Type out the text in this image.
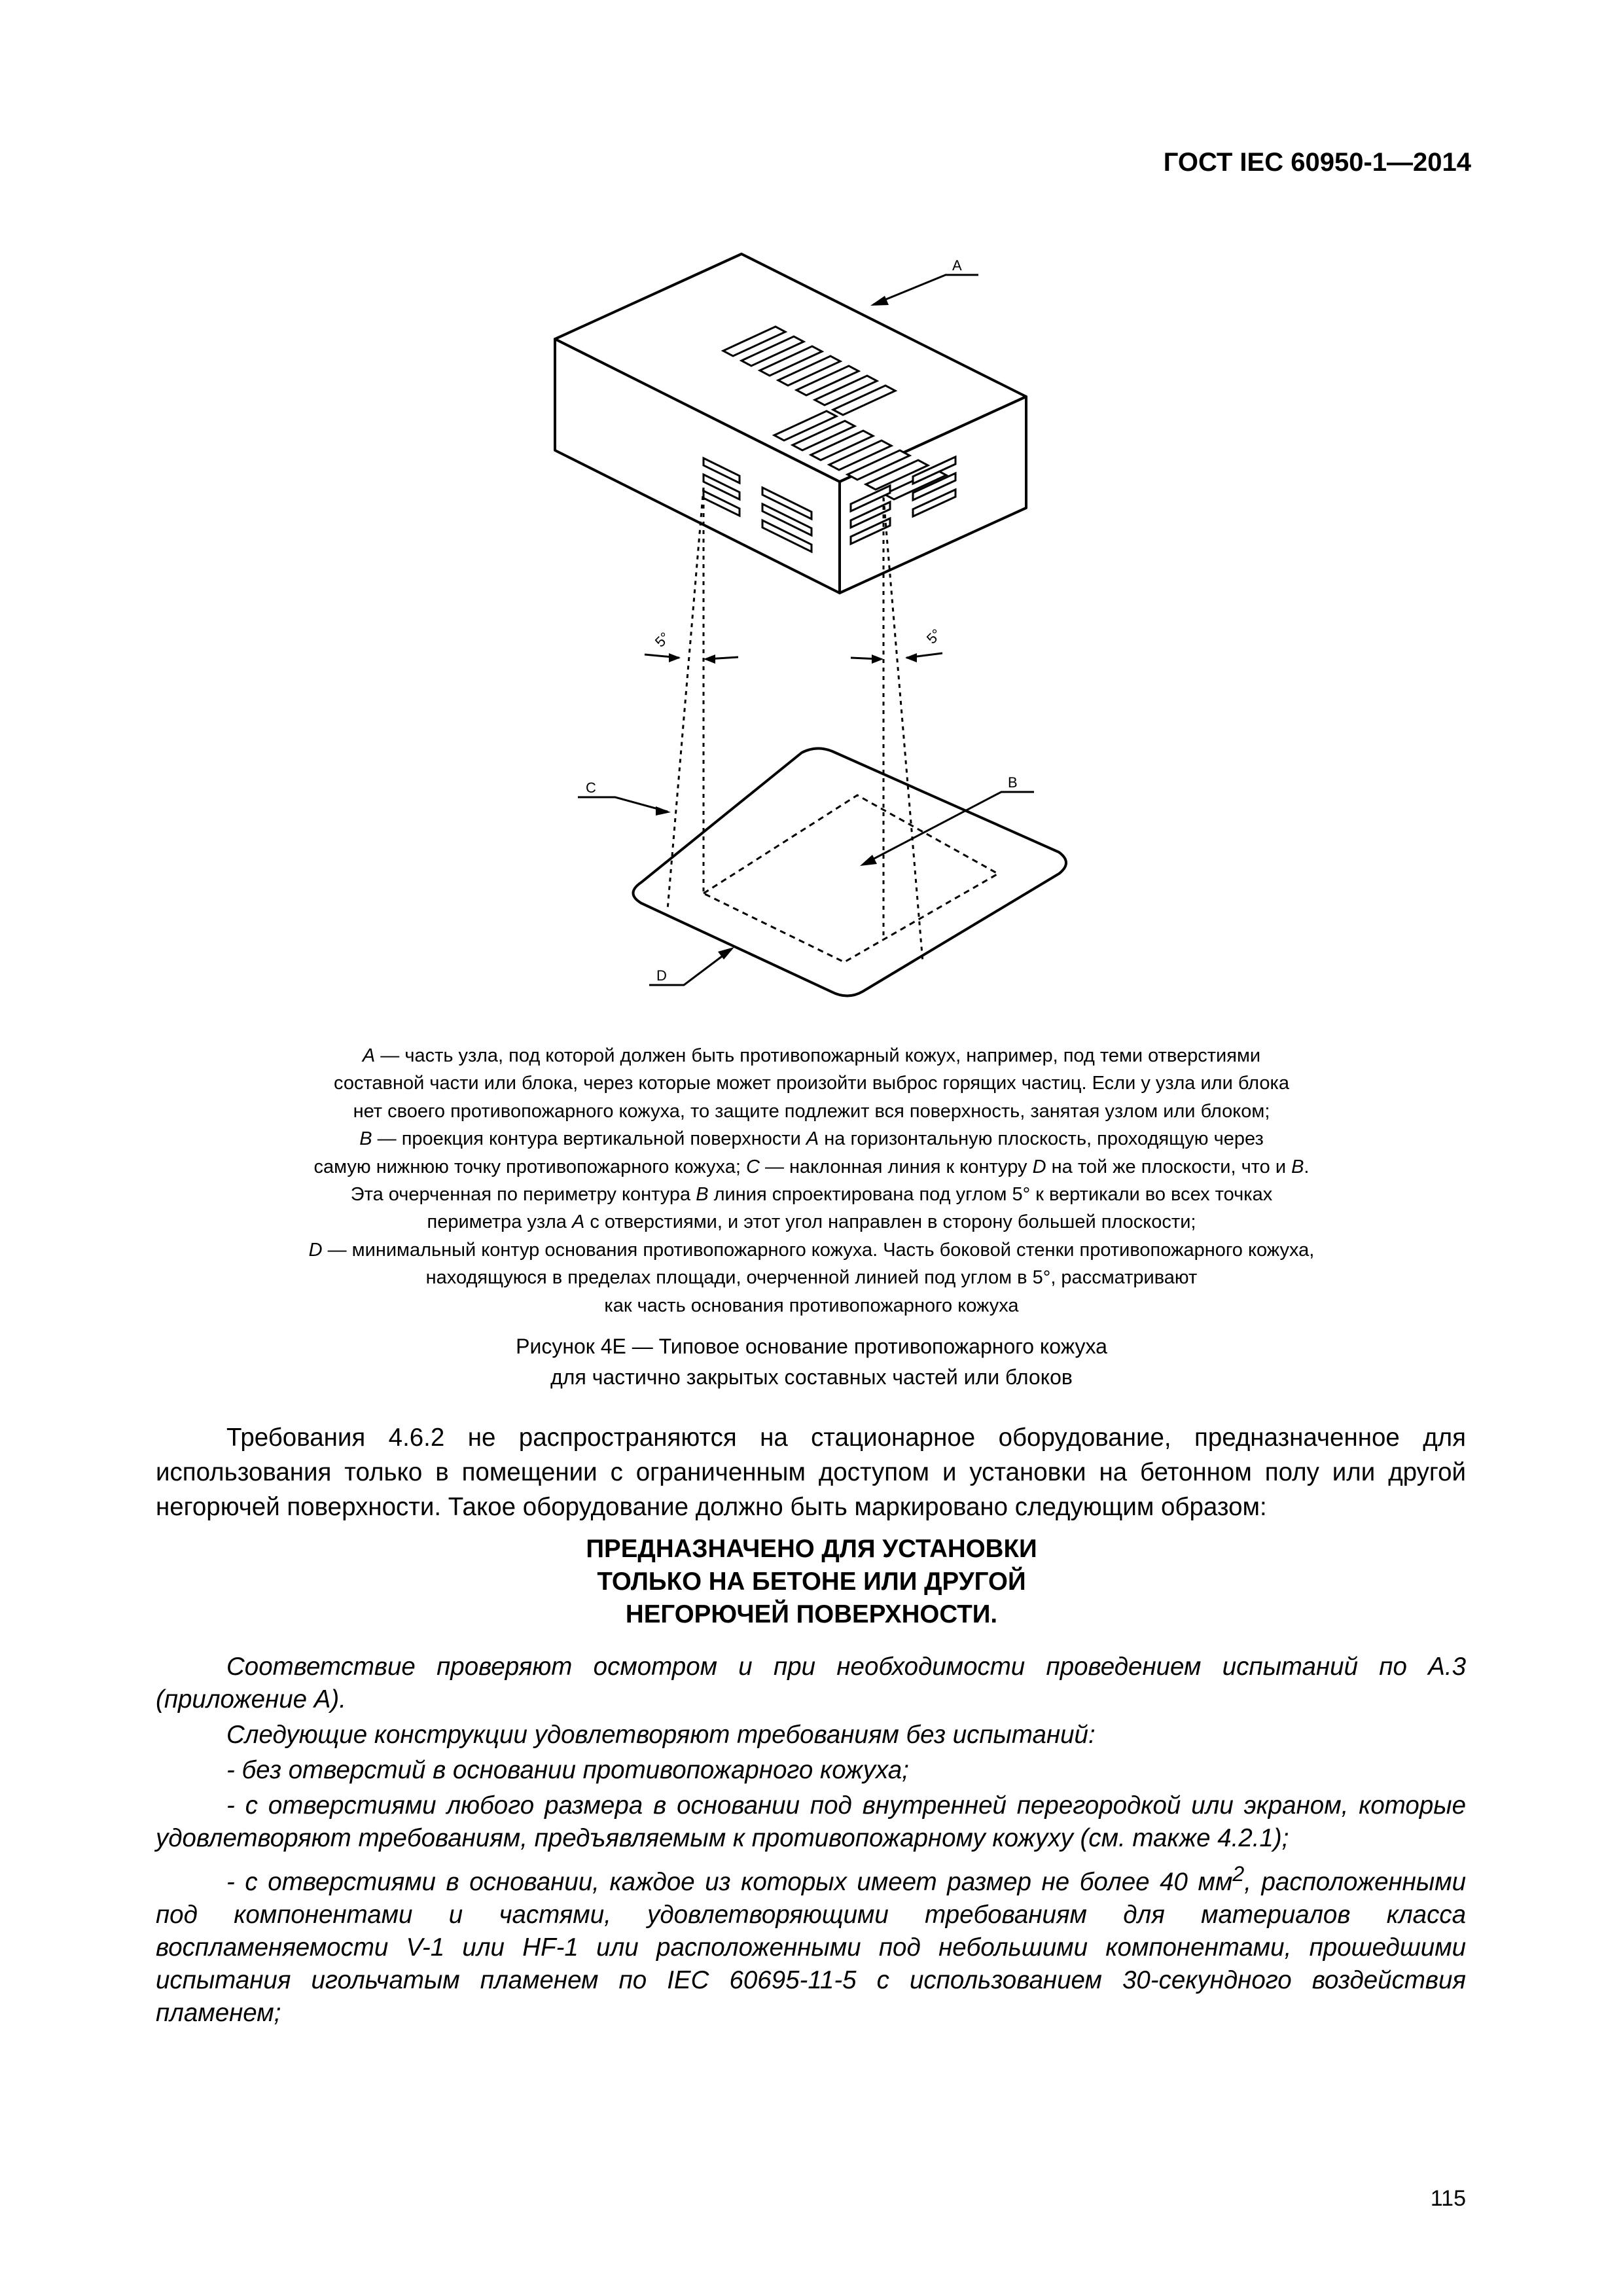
ГОСТ IEC 60950-1—2014
5°	5°
A
B
C
D

A — часть узла, под которой должен быть противопожарный кожух, например, под теми отверстиями

составной части или блока, через которые может произойти выброс горящих частиц. Если у узла или блока

нет своего противопожарного кожуха, то защите подлежит вся поверхность, занятая узлом или блоком;

B — проекция контура вертикальной поверхности A на горизонтальную плоскость, проходящую через

самую нижнюю точку противопожарного кожуха; C — наклонная линия к контуру D на той же плоскости, что и B.

Эта очерченная по периметру контура B линия спроектирована под углом 5° к вертикали во всех точках

периметра узла A с отверстиями, и этот угол направлен в сторону большей плоскости;

D — минимальный контур основания противопожарного кожуха. Часть боковой стенки противопожарного кожуха,

находящуюся в пределах площади, очерченной линией под углом в 5°, рассматривают

как часть основания противопожарного кожуха

Рисунок 4Е — Типовое основание противопожарного кожуха

для частично закрытых составных частей или блоков

Требования 4.6.2 не распространяются на стационарное оборудование, предназначенное для использования только в помещении с ограниченным доступом и установки на бетонном полу или другой негорючей поверхности. Такое оборудование должно быть маркировано следующим образом:

ПРЕДНАЗНАЧЕНО ДЛЯ УСТАНОВКИ

ТОЛЬКО НА БЕТОНЕ ИЛИ ДРУГОЙ

НЕГОРЮЧЕЙ ПОВЕРХНОСТИ.

Соответствие проверяют осмотром и при необходимости проведением испытаний по А.3 (приложение А).

Следующие конструкции удовлетворяют требованиям без испытаний:

- без отверстий в основании противопожарного кожуха;

- с отверстиями любого размера в основании под внутренней перегородкой или экраном, которые удовлетворяют требованиям, предъявляемым к противопожарному кожуху (см. также 4.2.1);

- с отверстиями в основании, каждое из которых имеет размер не более 40 $мм^2$, расположенными под компонентами и частями, удовлетворяющими требованиям для материалов класса воспламеняемости V-1 или HF-1 или расположенными под небольшими компонентами, прошедшими испытания игольчатым пламенем по IEC 60695-11-5 с использованием 30-секундного воздействия пламенем;

115
